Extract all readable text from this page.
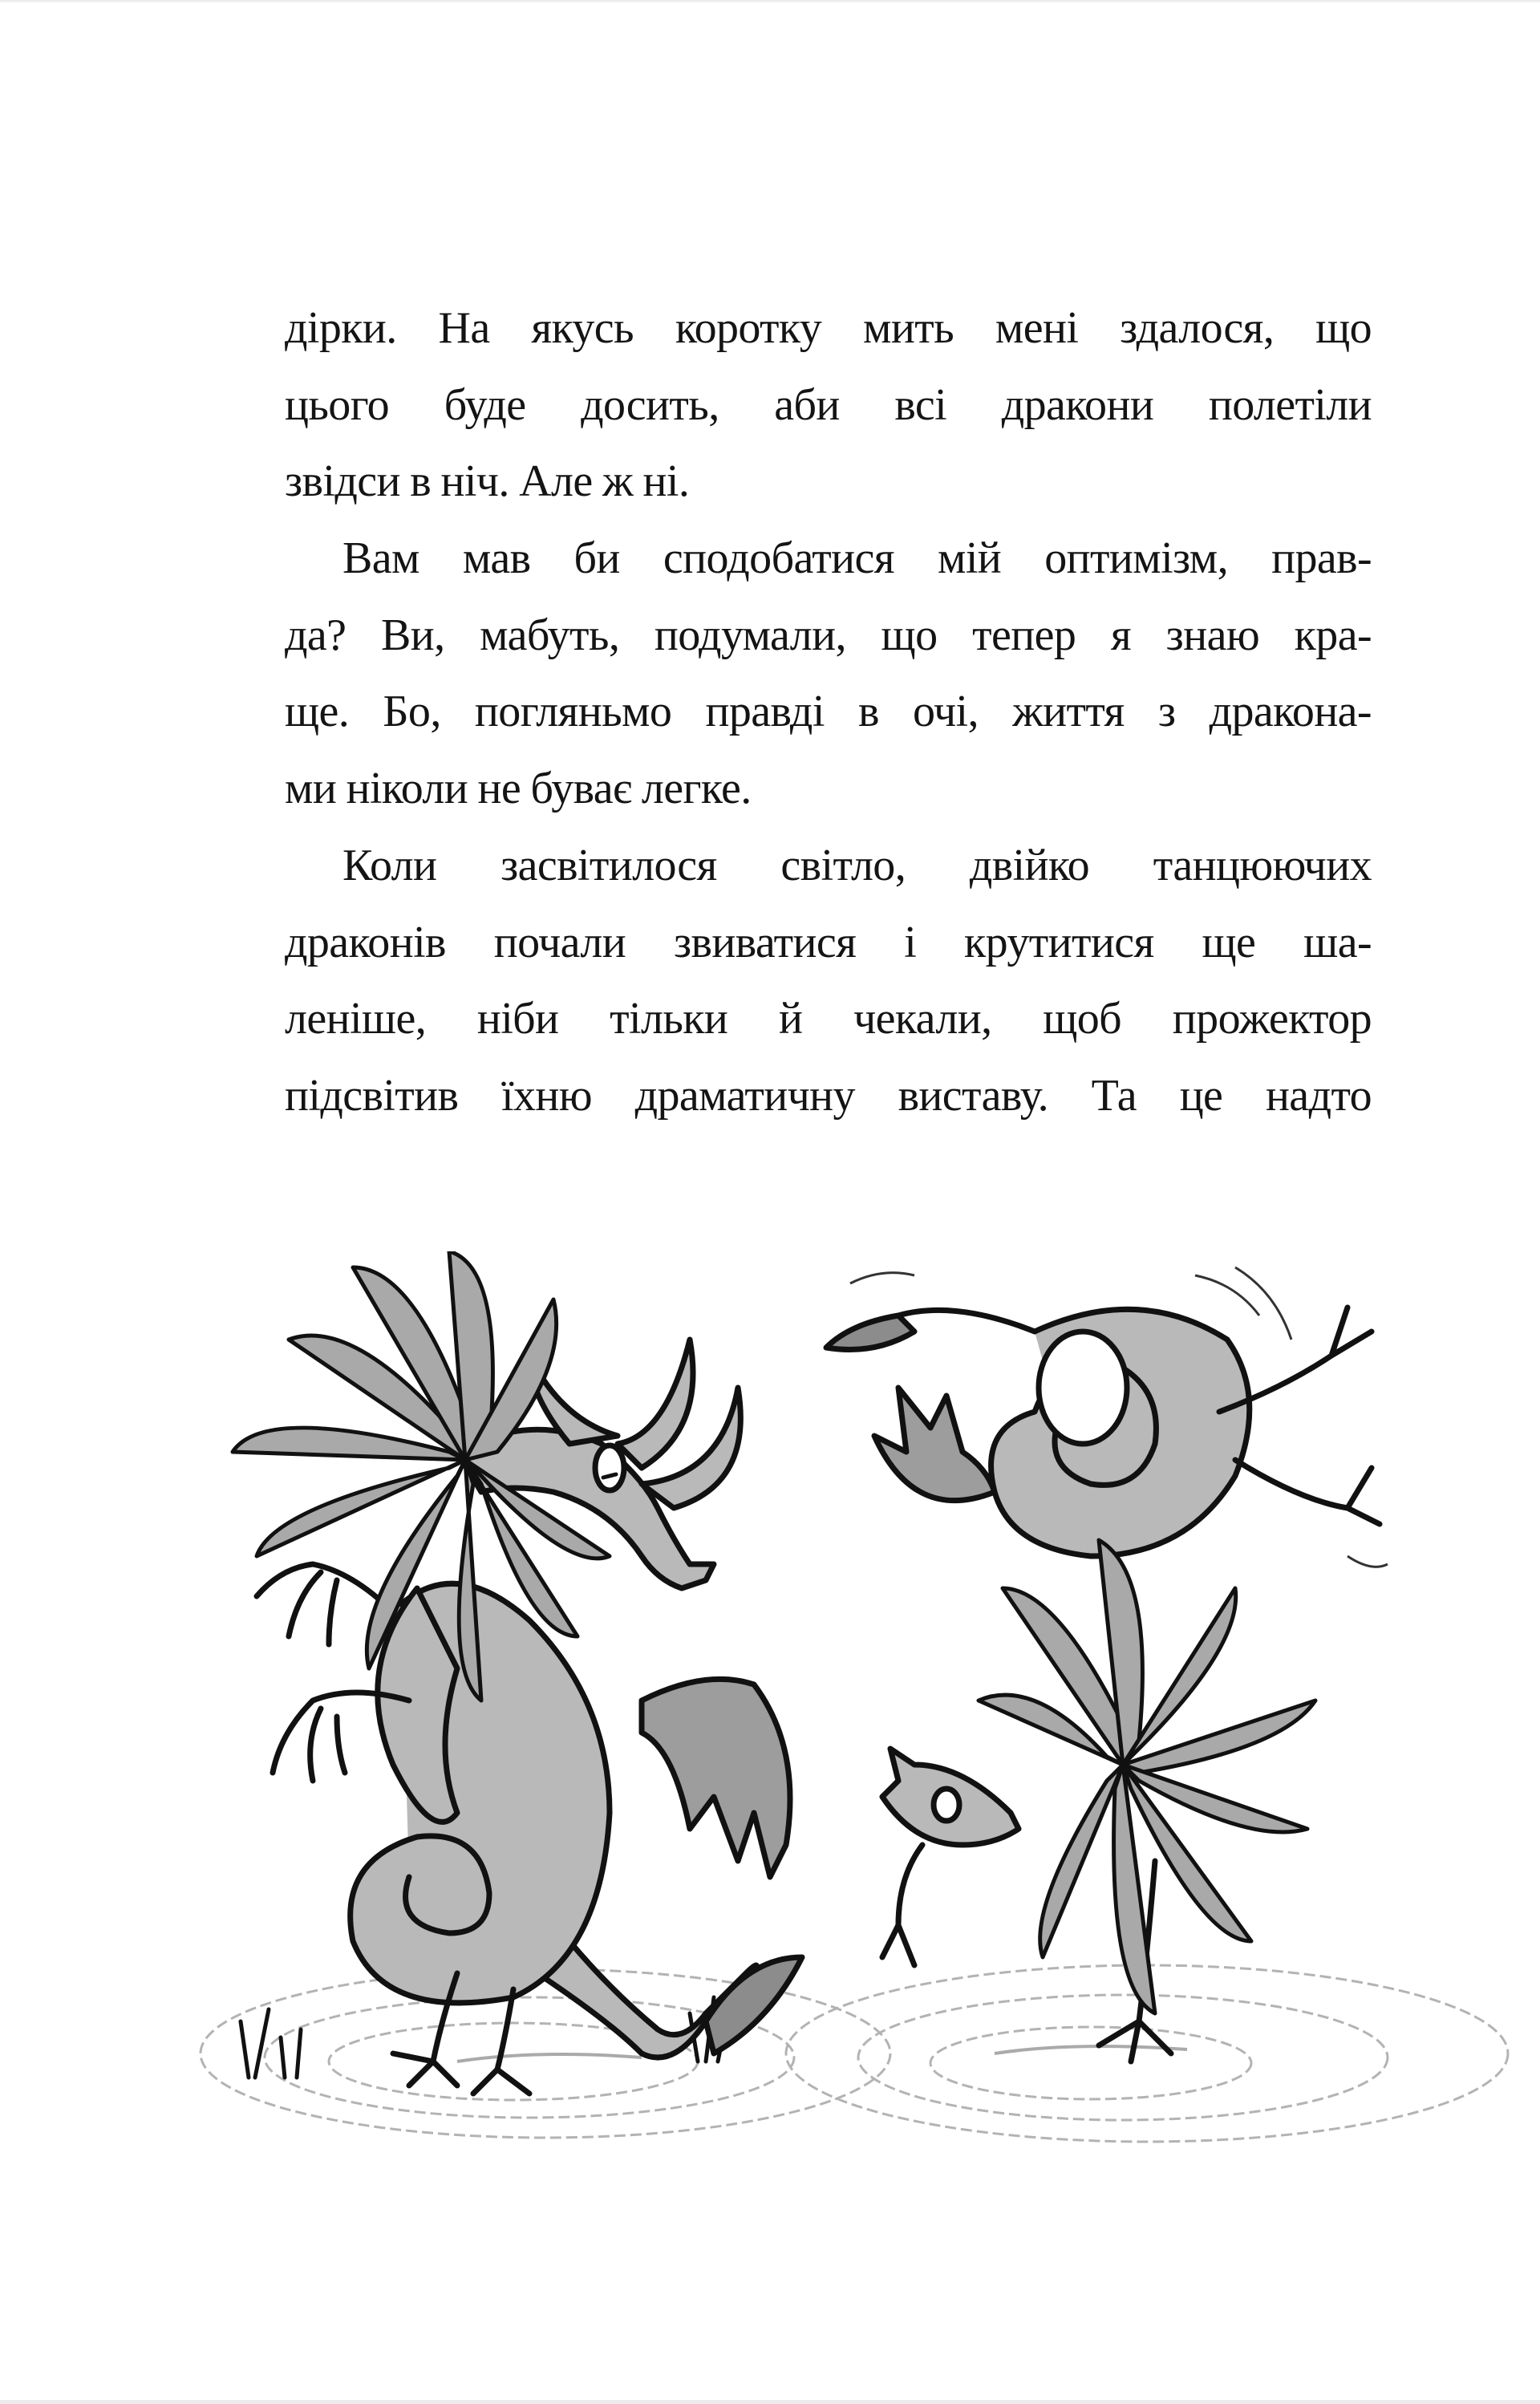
дірки. На якусь коротку мить мені здалося, що
цього буде досить, аби всі дракони полетіли
звідси в ніч. Але ж ні.
Вам мав би сподобатися мій оптимізм, прав-
да? Ви, мабуть, подумали, що тепер я знаю кра-
ще. Бо, погляньмо правді в очі, життя з дракона-
ми ніколи не буває легке.
Коли засвітилося світло, двійко танцюючих
драконів почали звиватися і крутитися ще ша-
леніше, ніби тільки й чекали, щоб прожектор
підсвітив їхню драматичну виставу. Та це надто
